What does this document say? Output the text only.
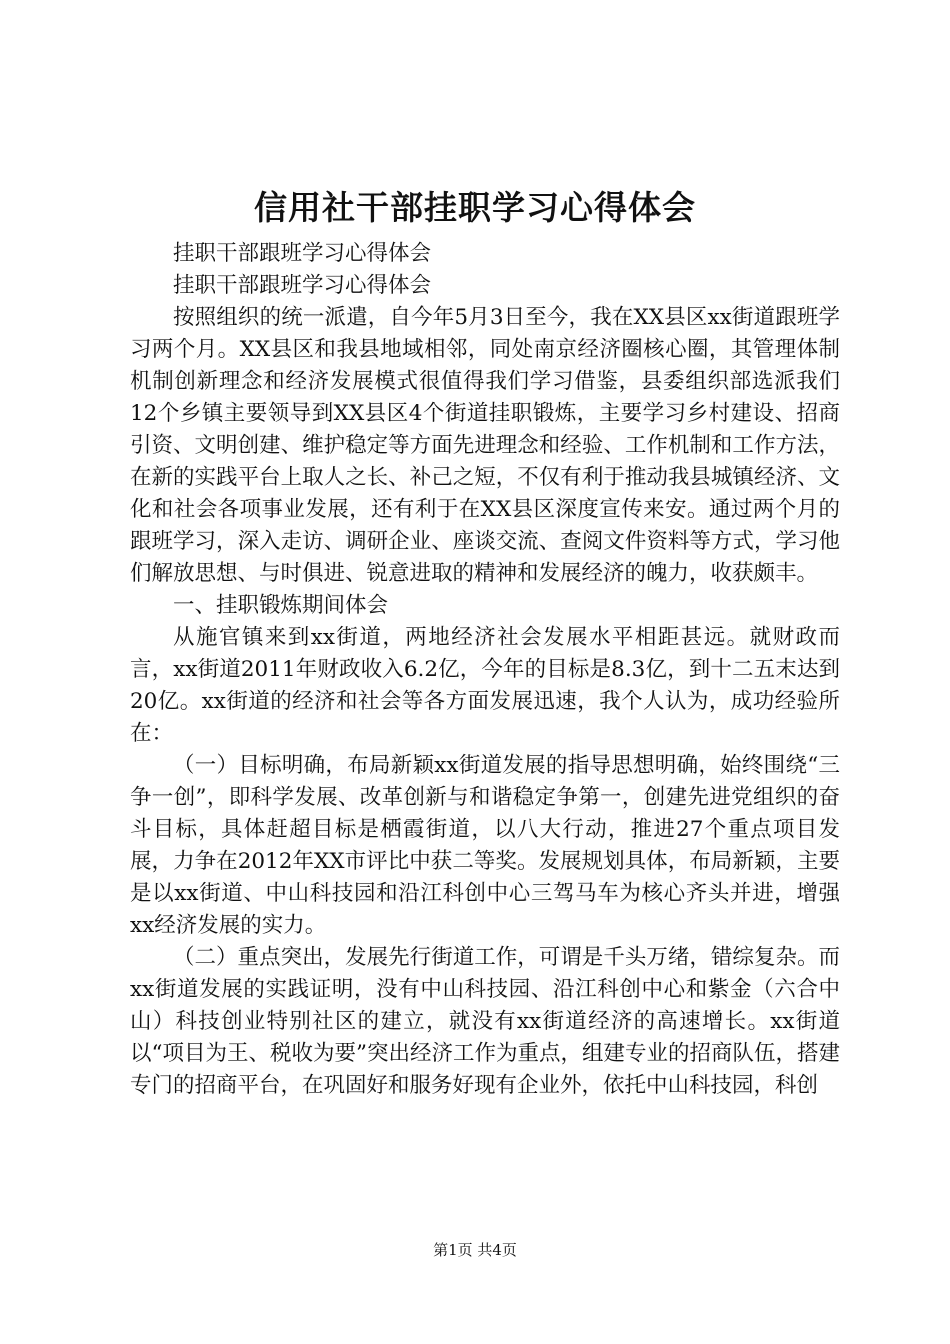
信用社干部挂职学习心得体会

挂职干部跟班学习心得体会

挂职干部跟班学习心得体会

按照组织的统一派遣，自今年5月3日至今，我在XX县区xx街道跟班学习两个月。XX县区和我县地域相邻，同处南京经济圈核心圈，其管理体制机制创新理念和经济发展模式很值得我们学习借鉴，县委组织部选派我们12个乡镇主要领导到XX县区4个街道挂职锻炼，主要学习乡村建设、招商引资、文明创建、维护稳定等方面先进理念和经验、工作机制和工作方法，在新的实践平台上取人之长、补己之短，不仅有利于推动我县城镇经济、文化和社会各项事业发展，还有利于在XX县区深度宣传来安。通过两个月的跟班学习，深入走访、调研企业、座谈交流、查阅文件资料等方式，学习他们解放思想、与时俱进、锐意进取的精神和发展经济的魄力，收获颇丰。

一、挂职锻炼期间体会

从施官镇来到xx街道，两地经济社会发展水平相距甚远。就财政而言，xx街道2011年财政收入6.2亿，今年的目标是8.3亿，到十二五末达到20亿。xx街道的经济和社会等各方面发展迅速，我个人认为，成功经验所在：

（一）目标明确，布局新颖xx街道发展的指导思想明确，始终围绕“三争一创”，即科学发展、改革创新与和谐稳定争第一，创建先进党组织的奋斗目标，具体赶超目标是栖霞街道，以八大行动，推进27个重点项目发展，力争在2012年XX市评比中获二等奖。发展规划具体，布局新颖，主要是以xx街道、中山科技园和沿江科创中心三驾马车为核心齐头并进，增强xx经济发展的实力。

（二）重点突出，发展先行街道工作，可谓是千头万绪，错综复杂。而xx街道发展的实践证明，没有中山科技园、沿江科创中心和紫金（六合中山）科技创业特别社区的建立，就没有xx街道经济的高速增长。xx街道以“项目为王、税收为要”突出经济工作为重点，组建专业的招商队伍，搭建专门的招商平台，在巩固好和服务好现有企业外，依托中山科技园，科创

第1页 共4页
